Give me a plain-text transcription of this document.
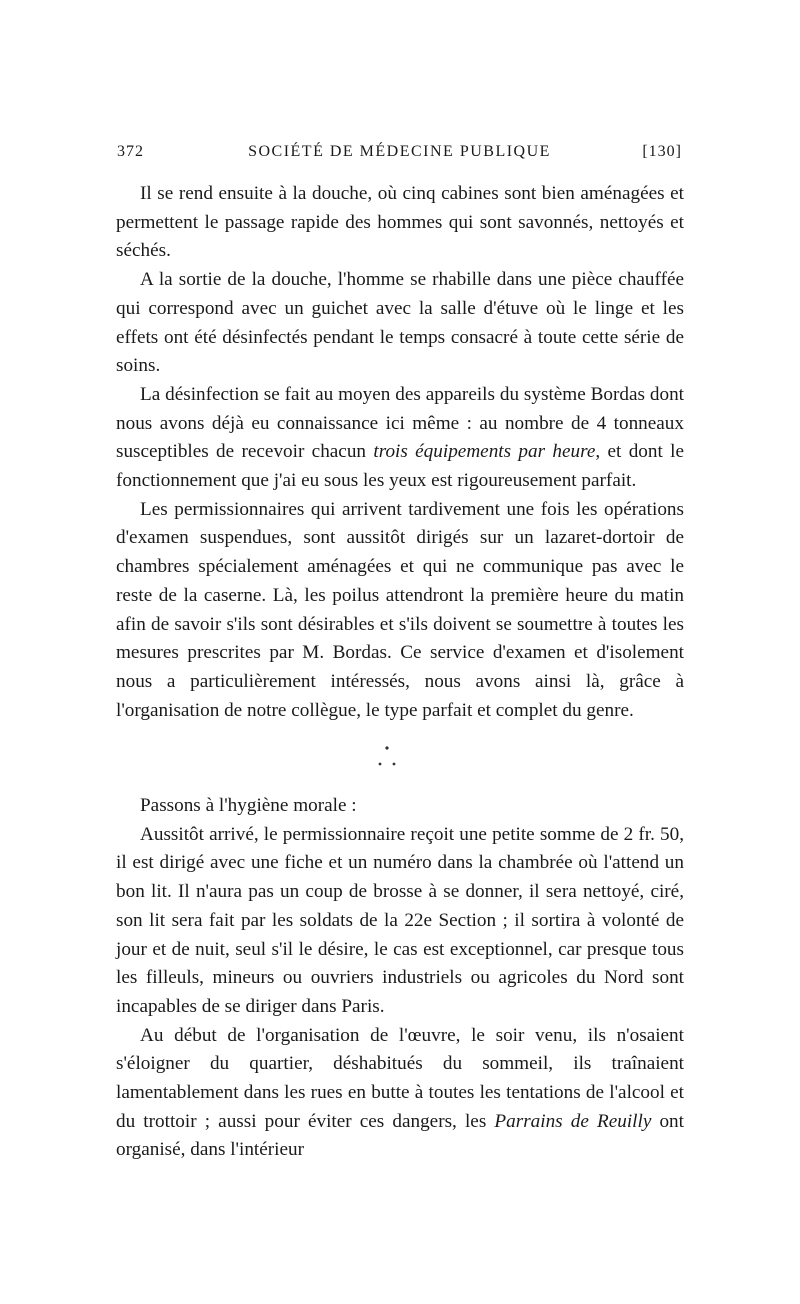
372	SOCIÉTÉ DE MÉDECINE PUBLIQUE	[130]

Il se rend ensuite à la douche, où cinq cabines sont bien aménagées et permettent le passage rapide des hommes qui sont savonnés, nettoyés et séchés.

A la sortie de la douche, l'homme se rhabille dans une pièce chauffée qui correspond avec un guichet avec la salle d'étuve où le linge et les effets ont été désinfectés pendant le temps consacré à toute cette série de soins.

La désinfection se fait au moyen des appareils du système Bordas dont nous avons déjà eu connaissance ici même : au nombre de 4 tonneaux susceptibles de recevoir chacun trois équipements par heure, et dont le fonctionnement que j'ai eu sous les yeux est rigoureusement parfait.

Les permissionnaires qui arrivent tardivement une fois les opérations d'examen suspendues, sont aussitôt dirigés sur un lazaret-dortoir de chambres spécialement aménagées et qui ne communique pas avec le reste de la caserne. Là, les poilus attendront la première heure du matin afin de savoir s'ils sont désirables et s'ils doivent se soumettre à toutes les mesures prescrites par M. Bordas. Ce service d'examen et d'isolement nous a particulièrement intéressés, nous avons ainsi là, grâce à l'organisation de notre collègue, le type parfait et complet du genre.

Passons à l'hygiène morale :

Aussitôt arrivé, le permissionnaire reçoit une petite somme de 2 fr. 50, il est dirigé avec une fiche et un numéro dans la chambrée où l'attend un bon lit. Il n'aura pas un coup de brosse à se donner, il sera nettoyé, ciré, son lit sera fait par les soldats de la 22e Section ; il sortira à volonté de jour et de nuit, seul s'il le désire, le cas est exceptionnel, car presque tous les filleuls, mineurs ou ouvriers industriels ou agricoles du Nord sont incapables de se diriger dans Paris.

Au début de l'organisation de l'œuvre, le soir venu, ils n'osaient s'éloigner du quartier, déshabitués du sommeil, ils traînaient lamentablement dans les rues en butte à toutes les tentations de l'alcool et du trottoir ; aussi pour éviter ces dangers, les Parrains de Reuilly ont organisé, dans l'intérieur
